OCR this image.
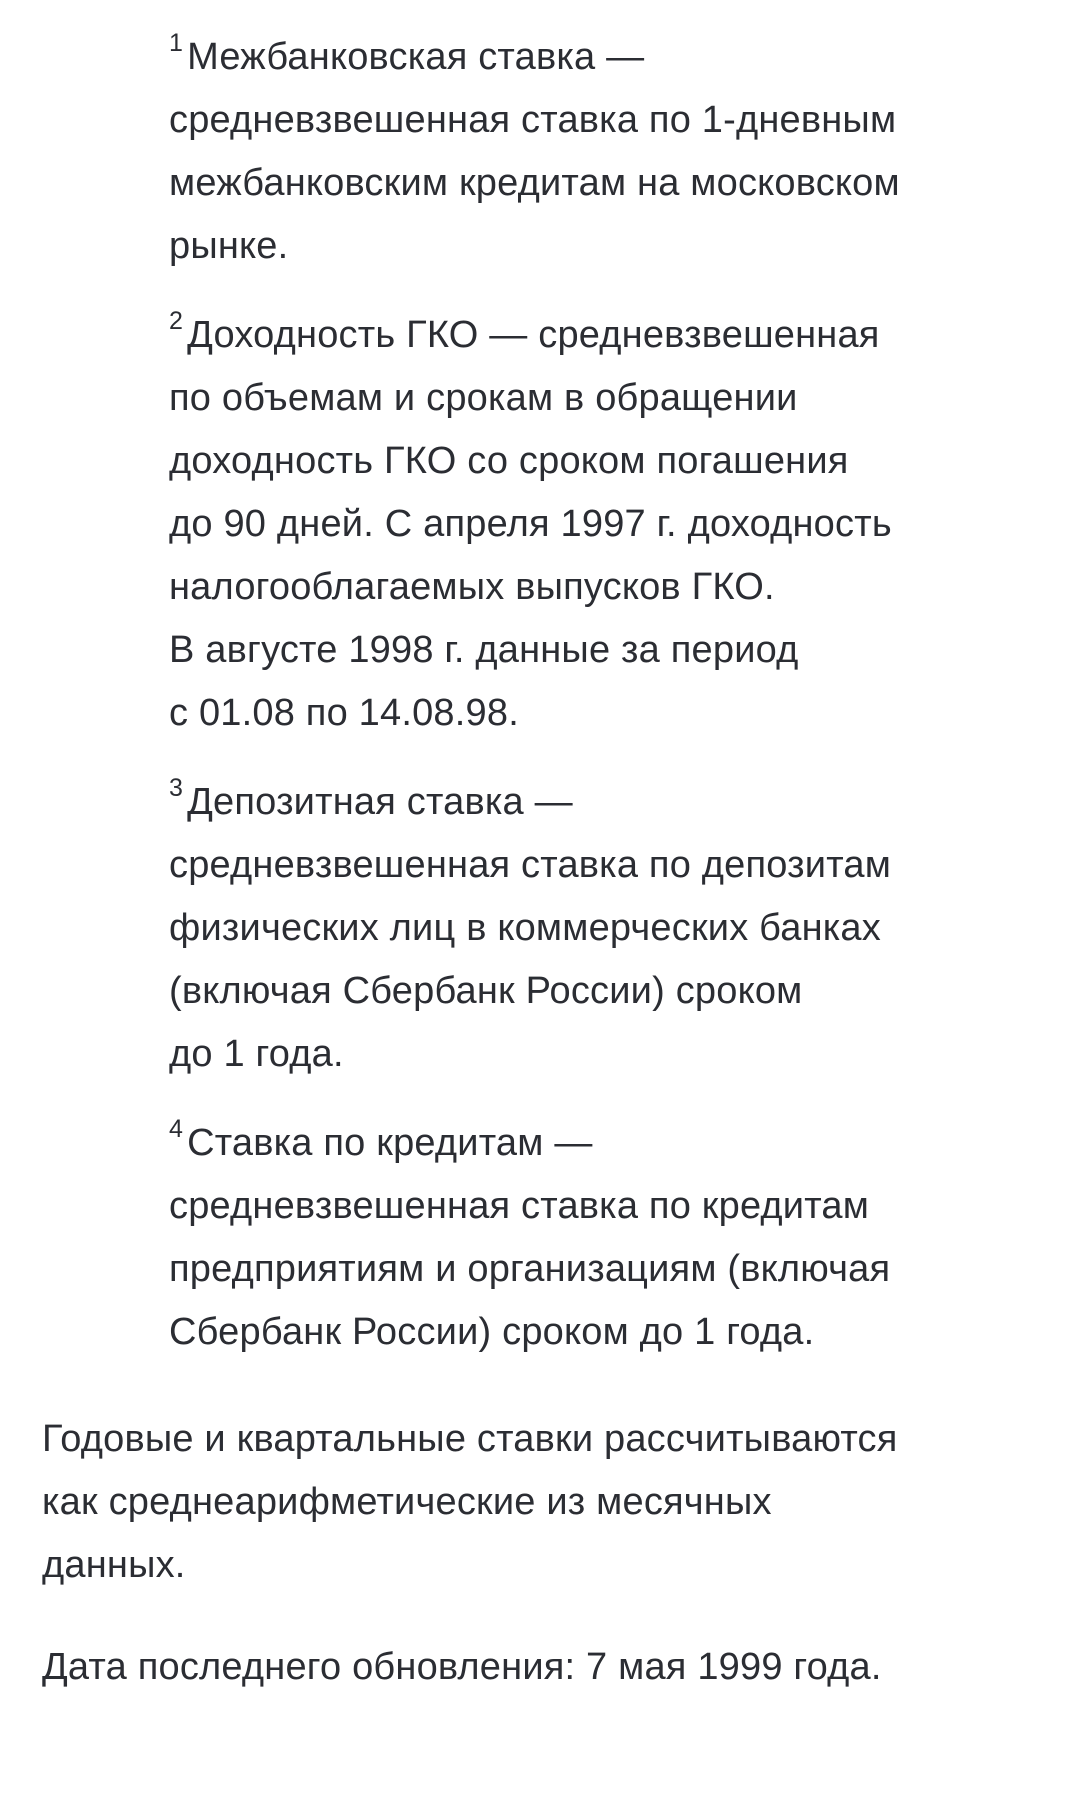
$^1$ Межбанковская ставка —
средневзвешенная ставка по 1-дневным
межбанковским кредитам на московском
рынке.

$^2$ Доходность ГКО — средневзвешенная
по объемам и срокам в обращении
доходность ГКО со сроком погашения
до 90 дней. С апреля 1997 г. доходность
налогооблагаемых выпусков ГКО.
В августе 1998 г. данные за период
с 01.08 по 14.08.98.

$^3$ Депозитная ставка —
средневзвешенная ставка по депозитам
физических лиц в коммерческих банках
(включая Сбербанк России) сроком
до 1 года.

$^4$ Ставка по кредитам —
средневзвешенная ставка по кредитам
предприятиям и организациям (включая
Сбербанк России) сроком до 1 года.

Годовые и квартальные ставки рассчитываются
как среднеарифметические из месячных
данных.

Дата последнего обновления: 7 мая 1999 года.
